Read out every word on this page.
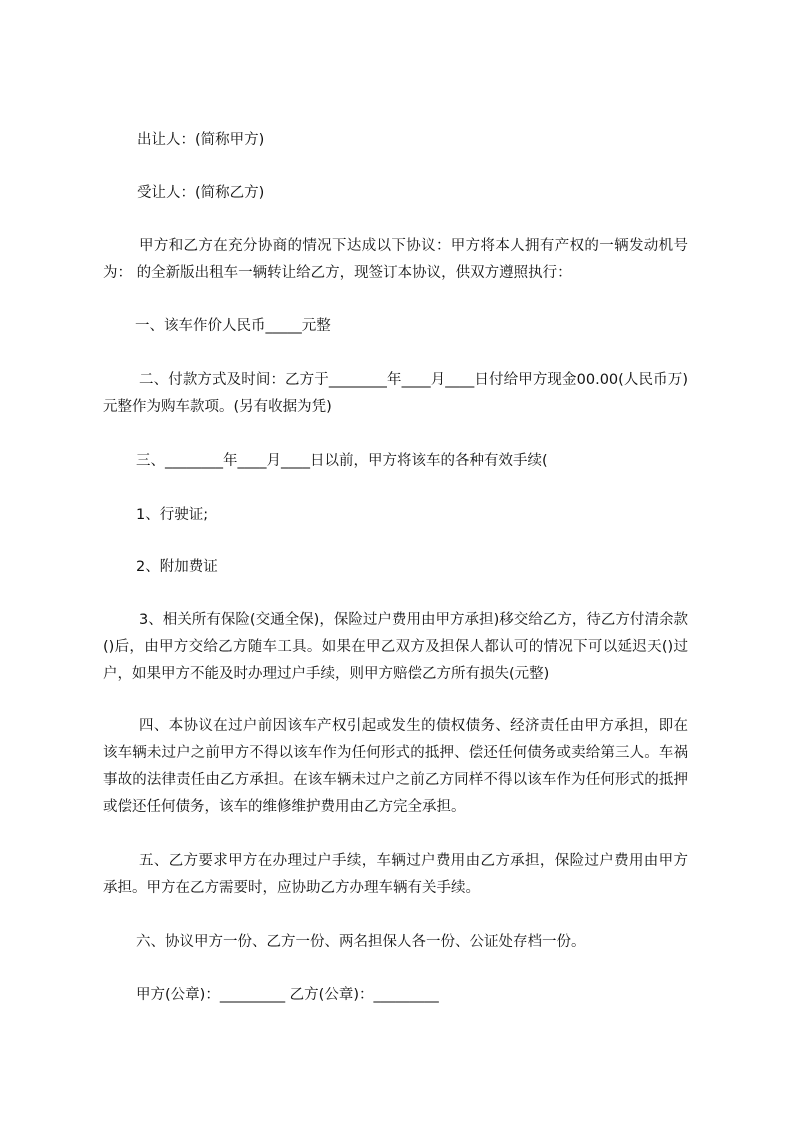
出让人：(简称甲方)

受让人：(简称乙方)

甲方和乙方在充分协商的情况下达成以下协议：甲方将本人拥有产权的一辆发动机号为： 的全新版出租车一辆转让给乙方，现签订本协议，供双方遵照执行：

一、该车作价人民币_____元整

二、付款方式及时间：乙方于________年____月____日付给甲方现金00.00(人民币万)元整作为购车款项。(另有收据为凭)

三、________年____月____日以前，甲方将该车的各种有效手续(

1、行驶证;

2、附加费证

3、相关所有保险(交通全保)，保险过户费用由甲方承担)移交给乙方，待乙方付清余款()后，由甲方交给乙方随车工具。如果在甲乙双方及担保人都认可的情况下可以延迟天()过户，如果甲方不能及时办理过户手续，则甲方赔偿乙方所有损失(元整)

四、本协议在过户前因该车产权引起或发生的债权债务、经济责任由甲方承担，即在该车辆未过户之前甲方不得以该车作为任何形式的抵押、偿还任何债务或卖给第三人。车祸事故的法律责任由乙方承担。在该车辆未过户之前乙方同样不得以该车作为任何形式的抵押或偿还任何债务，该车的维修维护费用由乙方完全承担。

五、乙方要求甲方在办理过户手续，车辆过户费用由乙方承担，保险过户费用由甲方承担。甲方在乙方需要时，应协助乙方办理车辆有关手续。

六、协议甲方一份、乙方一份、两名担保人各一份、公证处存档一份。

甲方(公章)：_________ 乙方(公章)：_________
